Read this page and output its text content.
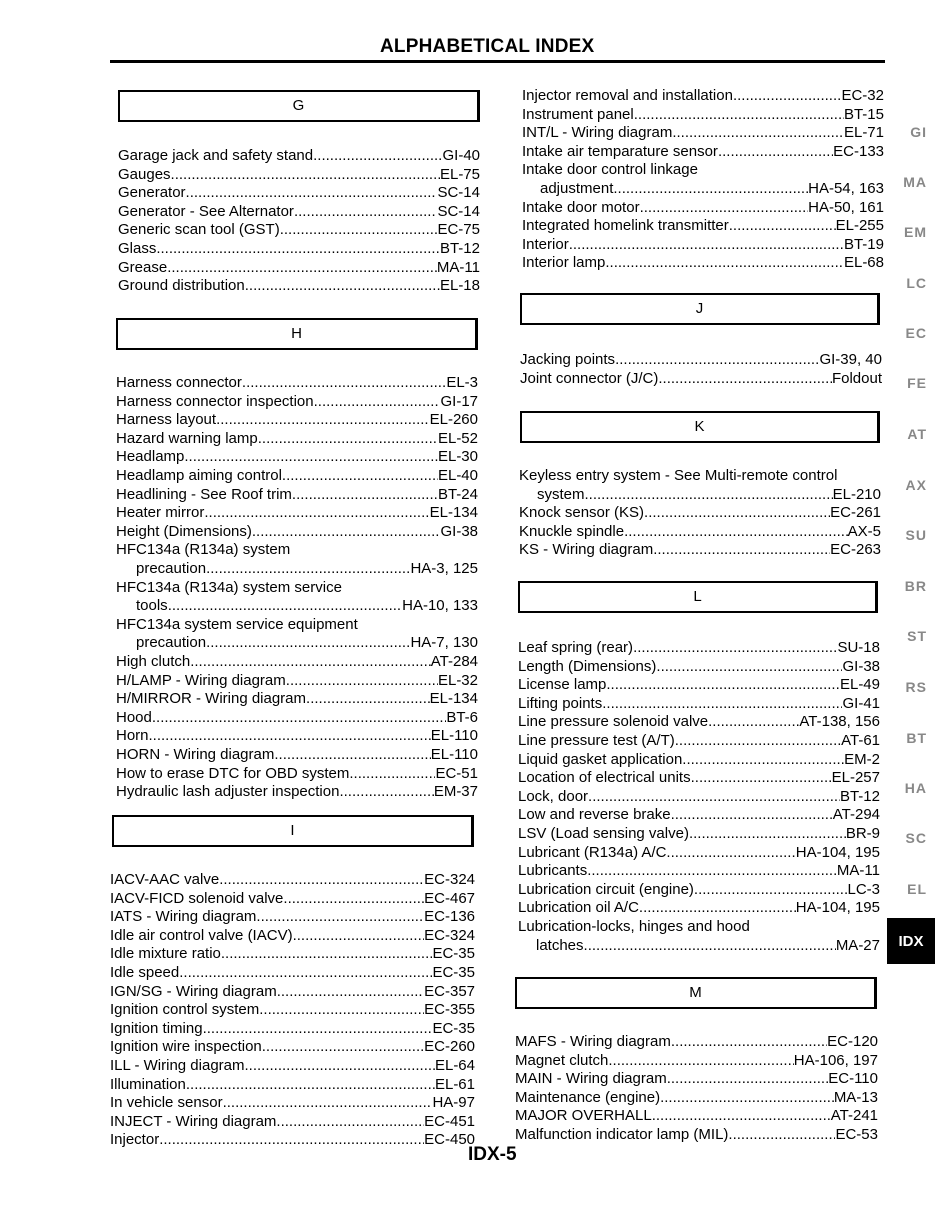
ALPHABETICAL INDEX
G
Garage jack and safety stand .....	GI-40
Gauges .....	EL-75
Generator .....	SC-14
Generator - See Alternator .....	SC-14
Generic scan tool (GST) .....	EC-75
Glass .....	BT-12
Grease .....	MA-11
Ground distribution .....	EL-18
H
Harness connector .....	EL-3
Harness connector inspection .....	GI-17
Harness layout .....	EL-260
Hazard warning lamp .....	EL-52
Headlamp .....	EL-30
Headlamp aiming control .....	EL-40
Headlining - See Roof trim .....	BT-24
Heater mirror .....	EL-134
Height (Dimensions) .....	GI-38
HFC134a (R134a) system
precaution .....	HA-3, 125
HFC134a (R134a) system service
tools .....	HA-10, 133
HFC134a system service equipment
precaution .....	HA-7, 130
High clutch .....	AT-284
H/LAMP - Wiring diagram .....	EL-32
H/MIRROR - Wiring diagram .....	EL-134
Hood .....	BT-6
Horn .....	EL-110
HORN - Wiring diagram .....	EL-110
How to erase DTC for OBD system .....	EC-51
Hydraulic lash adjuster inspection .....	EM-37
I
IACV-AAC valve .....	EC-324
IACV-FICD solenoid valve .....	EC-467
IATS - Wiring diagram .....	EC-136
Idle air control valve (IACV) .....	EC-324
Idle mixture ratio .....	EC-35
Idle speed .....	EC-35
IGN/SG - Wiring diagram .....	EC-357
Ignition control system .....	EC-355
Ignition timing .....	EC-35
Ignition wire inspection .....	EC-260
ILL - Wiring diagram .....	EL-64
Illumination .....	EL-61
In vehicle sensor .....	HA-97
INJECT - Wiring diagram .....	EC-451
Injector .....	EC-450
Injector removal and installation .....	EC-32
Instrument panel .....	BT-15
INT/L - Wiring diagram .....	EL-71
Intake air temparature sensor .....	EC-133
Intake door control linkage
adjustment .....	HA-54, 163
Intake door motor .....	HA-50, 161
Integrated homelink transmitter .....	EL-255
Interior .....	BT-19
Interior lamp .....	EL-68
J
Jacking points .....	GI-39, 40
Joint connector (J/C) .....	Foldout
K
Keyless entry system - See Multi-remote control
system .....	EL-210
Knock sensor (KS) .....	EC-261
Knuckle spindle .....	AX-5
KS - Wiring diagram .....	EC-263
L
Leaf spring (rear) .....	SU-18
Length (Dimensions) .....	GI-38
License lamp .....	EL-49
Lifting points .....	GI-41
Line pressure solenoid valve .....	AT-138, 156
Line pressure test (A/T) .....	AT-61
Liquid gasket application .....	EM-2
Location of electrical units .....	EL-257
Lock, door .....	BT-12
Low and reverse brake .....	AT-294
LSV (Load sensing valve) .....	BR-9
Lubricant (R134a) A/C .....	HA-104, 195
Lubricants .....	MA-11
Lubrication circuit (engine) .....	LC-3
Lubrication oil A/C .....	HA-104, 195
Lubrication-locks, hinges and hood
latches .....	MA-27
M
MAFS - Wiring diagram .....	EC-120
Magnet clutch .....	HA-106, 197
MAIN - Wiring diagram .....	EC-110
Maintenance (engine) .....	MA-13
MAJOR OVERHALL .....	AT-241
Malfunction indicator lamp (MIL) .....	EC-53
GI
MA
EM
LC
EC
FE
AT
AX
SU
BR
ST
RS
BT
HA
SC
EL
IDX
IDX-5
